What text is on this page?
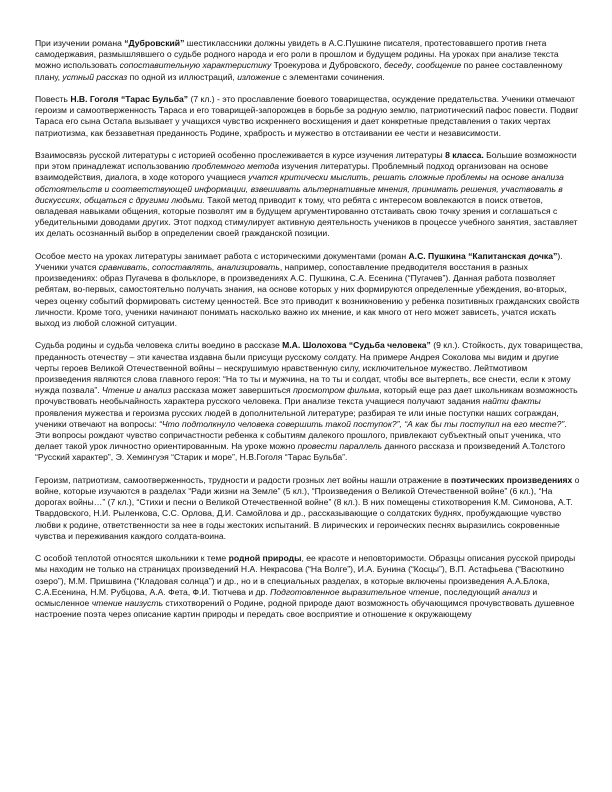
При изучении романа “Дубровский” шестиклассники должны увидеть в А.С.Пушкине писателя, протестовавшего против гнета самодержавия, размышлявшего о судьбе родного народа и его роли в прошлом и будущем родины. На уроках при анализе текста можно использовать сопоставительную характеристику Троекурова и Дубровского, беседу, сообщение по ранее составленному плану, устный рассказ по одной из иллюстраций, изложение с элементами сочинения.

Повесть Н.В. Гоголя “Тарас Бульба” (7 кл.) - это прославление боевого товарищества, осуждение предательства. Ученики отмечают героизм и самоотверженность Тараса и его товарищей-запорожцев в борьбе за родную землю, патриотический пафос повести. Подвиг Тараса его сына Остапа вызывает у учащихся чувство искреннего восхищения и дает конкретные представления о таких чертах патриотизма, как беззаветная преданность Родине, храбрость и мужество в отстаивании ее чести и независимости.

Взаимосвязь русской литературы с историей особенно прослеживается в курсе изучения литературы 8 класса. Большие возможности при этом принадлежат использованию проблемного метода изучения литературы. Проблемный подход организован на основе взаимодействия, диалога, в ходе которого учащиеся учатся критически мыслить, решать сложные проблемы на основе анализа обстоятельств и соответствующей информации, взвешивать альтернативные мнения, принимать решения, участвовать в дискуссиях, общаться с другими людьми. Такой метод приводит к тому, что ребята с интересом вовлекаются в поиск ответов, овладевая навыками общения, которые позволят им в будущем аргументированно отстаивать свою точку зрения и соглашаться с убедительными доводами других. Этот подход стимулирует активную деятельность учеников в процессе учебного занятия, заставляет их делать осознанный выбор в определении своей гражданской позиции.

Особое место на уроках литературы занимает работа с историческими документами (роман А.С. Пушкина “Капитанская дочка”). Ученики учатся сравнивать, сопоставлять, анализировать, например, сопоставление предводителя восстания в разных произведениях: образ Пугачева в фольклоре, в произведениях А.С. Пушкина, С.А. Есенина (“Пугачев”). Данная работа позволяет ребятам, во-первых, самостоятельно получать знания, на основе которых у них формируются определенные убеждения, во-вторых, через оценку событий формировать систему ценностей. Все это приводит к возникновению у ребенка позитивных гражданских свойств личности. Кроме того, ученики начинают понимать насколько важно их мнение, и как много от него может зависеть, учатся искать выход из любой сложной ситуации.

Судьба родины и судьба человека слиты воедино в рассказе М.А. Шолохова “Судьба человека” (9 кл.). Стойкость, дух товарищества, преданность отечеству – эти качества издавна были присущи русскому солдату. На примере Андрея Соколова мы видим и другие черты героев Великой Отечественной войны – нескрушимую нравственную силу, исключительное мужество. Лейтмотивом произведения являются слова главного героя: “На то ты и мужчина, на то ты и солдат, чтобы все вытерпеть, все снести, если к этому нужда позвала”. Чтение и анализ рассказа может завершиться просмотром фильма, который еще раз дает школьникам возможность прочувствовать необычайность характера русского человека. При анализе текста учащиеся получают задания найти факты проявления мужества и героизма русских людей в дополнительной литературе; разбирая те или иные поступки наших сограждан, ученики отвечают на вопросы: “Что подтолкнуло человека совершить такой поступок?”, “А как бы ты поступил на его месте?”. Эти вопросы рождают чувство сопричастности ребенка к событиям далекого прошлого, привлекают субъектный опыт ученика, что делает такой урок личностно ориентированным. На уроке можно провести параллель данного рассказа и произведений А.Толстого “Русский характер”, Э. Хемингуэя “Старик и море”, Н.В.Гоголя “Тарас Бульба”.

Героизм, патриотизм, самоотверженность, трудности и радости грозных лет войны нашли отражение в поэтических произведениях о войне, которые изучаются в разделах “Ради жизни на Земле” (5 кл.), “Произведения о Великой Отечественной войне” (6 кл.), “На дорогах войны…” (7 кл.), “Стихи и песни о Великой Отечественной войне” (8 кл.). В них помещены стихотворения К.М. Симонова, А.Т. Твардовского, Н.И. Рыленкова, С.С. Орлова, Д.И. Самойлова и др., рассказывающие о солдатских буднях, пробуждающие чувство любви к родине, ответственности за нее в годы жестоких испытаний. В лирических и героических песнях выразились сокровенные чувства и переживания каждого солдата-воина.

С особой теплотой относятся школьники к теме родной природы, ее красоте и неповторимости. Образцы описания русской природы мы находим не только на страницах произведений Н.А. Некрасова (“На Волге”), И.А. Бунина (“Косцы”), В.П. Астафьева (“Васюткино озеро”), М.М. Пришвина (“Кладовая солнца”) и др., но и в специальных разделах, в которые включены произведения А.А.Блока, С.А.Есенина, Н.М. Рубцова, А.А. Фета, Ф.И. Тютчева и др. Подготовленное выразительное чтение, последующий анализ и осмысленное чтение наизусть стихотворений о Родине, родной природе дают возможность обучающимся прочувствовать душевное настроение поэта через описание картин природы и передать свое восприятие и отношение к окружающему
